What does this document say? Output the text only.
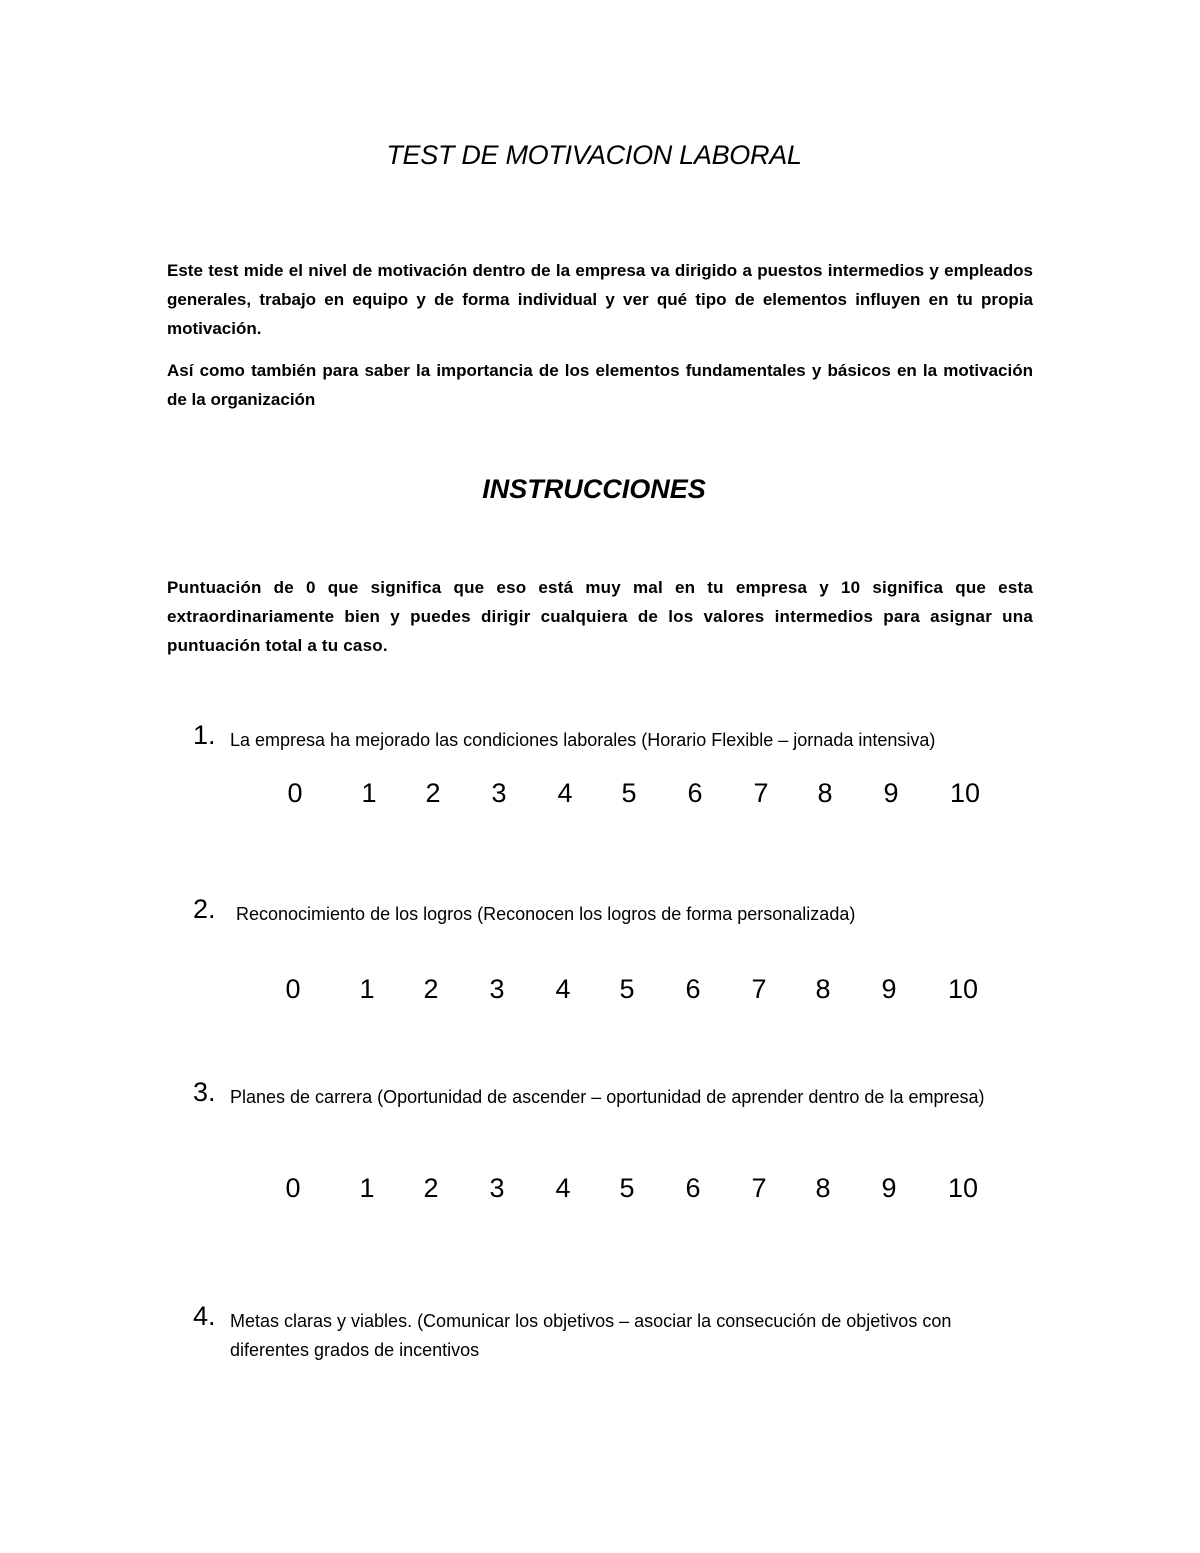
TEST DE MOTIVACION LABORAL

Este test mide el nivel de motivación dentro de la empresa va dirigido a puestos intermedios y empleados generales, trabajo en equipo y de forma individual y ver qué tipo de elementos influyen en tu propia motivación.

Así como también para saber la importancia de los elementos fundamentales y básicos en la motivación de la organización

INSTRUCCIONES

Puntuación de 0 que significa que eso está muy mal en tu empresa y 10 significa que esta extraordinariamente bien y puedes dirigir cualquiera de los valores intermedios para asignar una puntuación total a tu caso.

1. La empresa ha mejorado las condiciones laborales (Horario Flexible – jornada intensiva)

0	1	2	3	4	5	6	7	8	9	10
2. Reconocimiento de los logros (Reconocen los logros de forma personalizada)

0	1	2	3	4	5	6	7	8	9	10
3. Planes de carrera (Oportunidad de ascender – oportunidad de aprender dentro de la empresa)

0	1	2	3	4	5	6	7	8	9	10
4. Metas claras y viables. (Comunicar los objetivos – asociar la consecución de objetivos con diferentes grados de incentivos
